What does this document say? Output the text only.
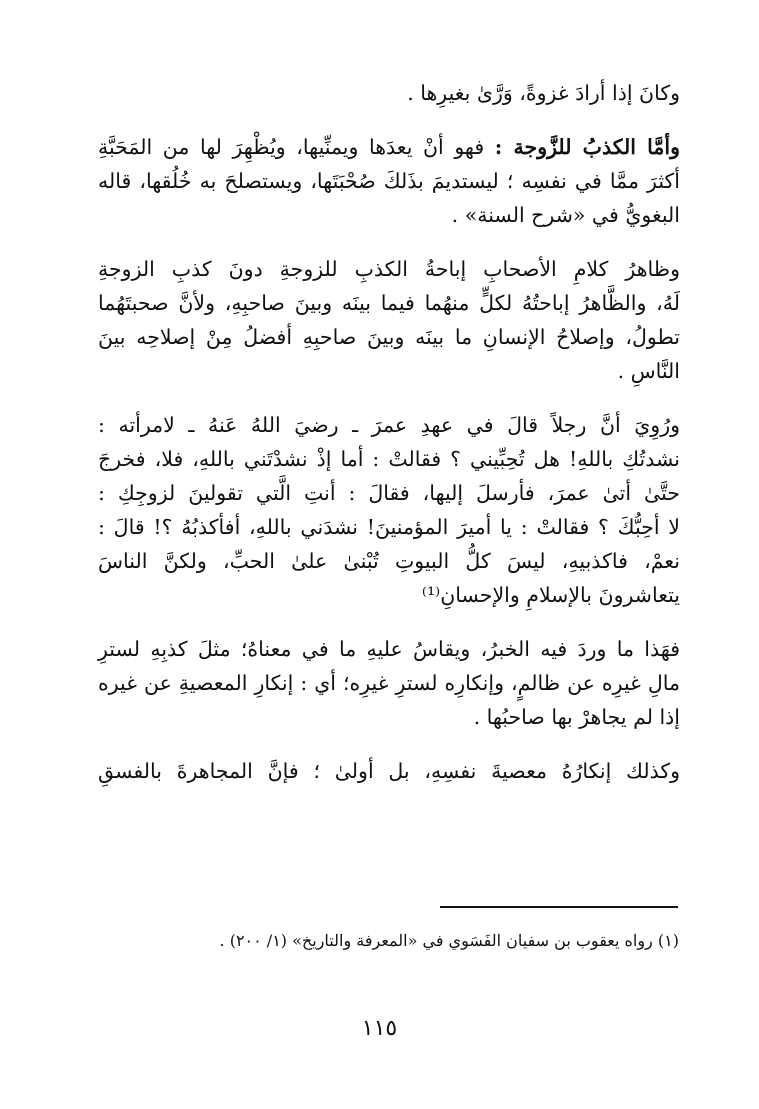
وكانَ إذا أرادَ غزوةً، وَرَّىٰ بغيرِها .

وأمَّا الكذبُ للزَّوجة : فهو أنْ يعدَها ويمنِّيها، ويُظْهِرَ لها من المَحَبَّةِ
أكثرَ ممَّا في نفسِه ؛ ليستديمَ بذَلكَ صُحْبَتَها، ويستصلحَ به خُلُقها، قاله
البغويُّ في «شرح السنة» .

وظاهرُ كلامِ الأصحابِ إباحةُ الكذبِ للزوجةِ دونَ كذبِ الزوجةِ
لَهُ، والظَّاهرُ إباحتُهُ لكلٍّ منهُما فيما بينَه وبينَ صاحبِهِ، ولأنَّ صحبتَهُما
تطولُ، وإصلاحُ الإنسانِ ما بينَه وبينَ صاحبِهِ أفضلُ مِنْ إصلاحِه بينَ
النَّاسِ .

ورُوِيَ أنَّ رجلاً قالَ في عهدِ عمرَ ـ رضيَ اللهُ عَنهُ ـ لامرأته :
نشدتُكِ باللهِ! هل تُحِبِّيني ؟ فقالتْ : أما إذْ نشدْتَني باللهِ، فلا، فخرجَ
حتَّىٰ أتىٰ عمرَ، فأرسلَ إليها، فقالَ : أنتِ الَّتي تقولينَ لزوجِكِ :
لا أحِبُّكَ ؟ فقالتْ : يا أميرَ المؤمنينَ! نشدَني باللهِ، أفأكذبُهُ ؟! قالَ :
نعمْ، فاكذبيهِ، ليسَ كلُّ البيوتِ تُبْنىٰ علىٰ الحبِّ، ولكنَّ الناسَ
يتعاشرونَ بالإسلامِ والإحسانِ⁽¹⁾

فهَذا ما وردَ فيه الخبرُ، ويقاسُ عليهِ ما في معناهُ؛ مثلَ كذبِهِ لسترِ
مالِ غيرِه عن ظالمٍ، وإنكارِه لسترِ غيرِه؛ أي : إنكارِ المعصيةِ عن غيره
إذا لم يجاهرْ بها صاحبُها .

وكذلك إنكارُهُ معصيةَ نفسِهِ، بل أولىٰ ؛ فإنَّ المجاهرةَ بالفسقِ

(١) رواه يعقوب بن سفيان الفَسَوي في «المعرفة والتاريخ» (١/ ٢٠٠) .
١١٥
